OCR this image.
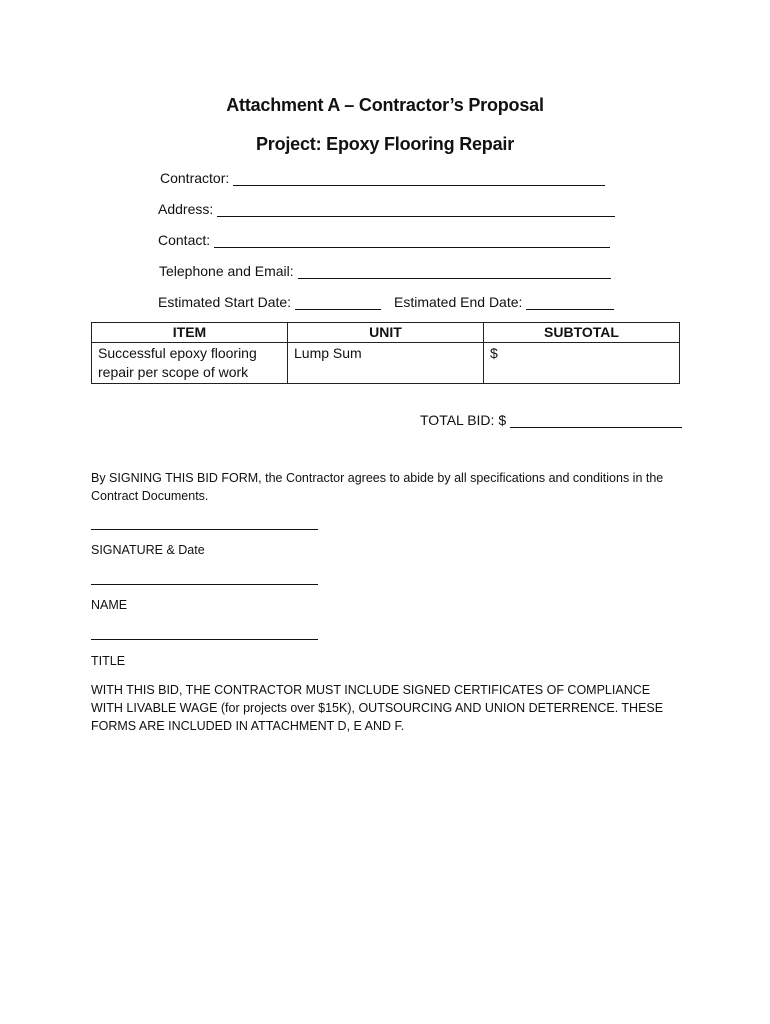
Attachment A – Contractor’s Proposal
Project: Epoxy Flooring Repair
Contractor:
Address:
Contact:
Telephone and Email:
Estimated Start Date:	Estimated End Date:
ITEM	UNIT	SUBTOTAL

Successful epoxy flooring
repair per scope of work	Lump Sum	$
TOTAL BID: $
By SIGNING THIS BID FORM, the Contractor agrees to abide by all specifications and conditions in the Contract Documents.
SIGNATURE & Date
NAME
TITLE
WITH THIS BID, THE CONTRACTOR MUST INCLUDE SIGNED CERTIFICATES OF COMPLIANCE WITH LIVABLE WAGE (for projects over $15K), OUTSOURCING AND UNION DETERRENCE. THESE FORMS ARE INCLUDED IN ATTACHMENT D, E AND F.
